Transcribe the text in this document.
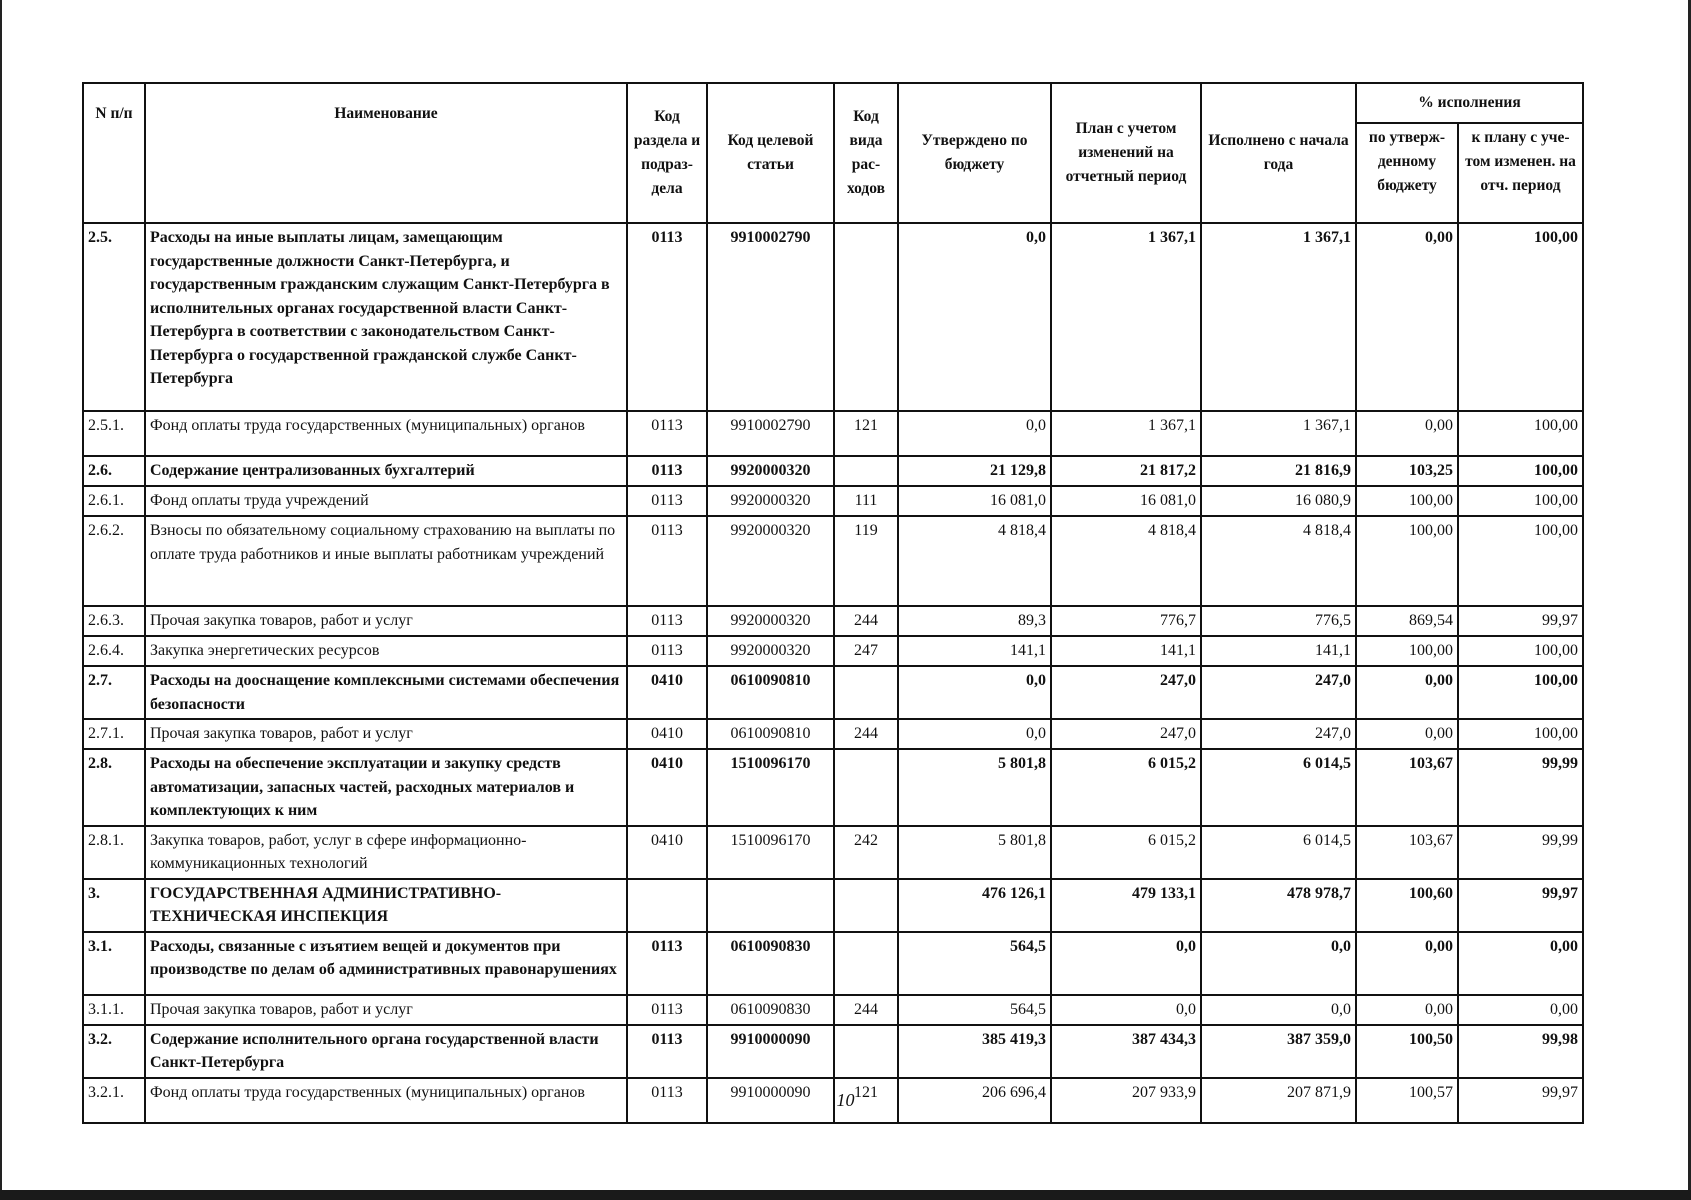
N п/п	Наименование	Код раздела и подраз-дела	Код целевой статьи	Код вида рас-ходов	Утверждено по бюджету	План с учетом изменений на отчетный период	Исполнено с начала года	% исполнения	
								по утверж-денному бюджету	к плану с уче-том изменен. на отч. период
2.5.	Расходы на иные выплаты лицам, замещающим государственные должности Санкт-Петербурга, и государственным гражданским служащим Санкт-Петербурга в исполнительных органах государственной власти Санкт-Петербурга в соответствии с законодательством Санкт-Петербурга о государственной гражданской службе Санкт-Петербурга	0113	9910002790		0,0	1 367,1	1 367,1	0,00	100,00
2.5.1.	Фонд оплаты труда государственных (муниципальных) органов	0113	9910002790	121	0,0	1 367,1	1 367,1	0,00	100,00
2.6.	Содержание централизованных бухгалтерий	0113	9920000320		21 129,8	21 817,2	21 816,9	103,25	100,00
2.6.1.	Фонд оплаты труда учреждений	0113	9920000320	111	16 081,0	16 081,0	16 080,9	100,00	100,00
2.6.2.	Взносы по обязательному социальному страхованию на выплаты по оплате труда работников и иные выплаты работникам учреждений	0113	9920000320	119	4 818,4	4 818,4	4 818,4	100,00	100,00
2.6.3.	Прочая закупка товаров, работ и услуг	0113	9920000320	244	89,3	776,7	776,5	869,54	99,97
2.6.4.	Закупка энергетических ресурсов	0113	9920000320	247	141,1	141,1	141,1	100,00	100,00
2.7.	Расходы на дооснащение комплексными системами обеспечения безопасности	0410	0610090810		0,0	247,0	247,0	0,00	100,00
2.7.1.	Прочая закупка товаров, работ и услуг	0410	0610090810	244	0,0	247,0	247,0	0,00	100,00
2.8.	Расходы на обеспечение эксплуатации и закупку средств автоматизации, запасных частей, расходных материалов и комплектующих к ним	0410	1510096170		5 801,8	6 015,2	6 014,5	103,67	99,99
2.8.1.	Закупка товаров, работ, услуг в сфере информационно-коммуникационных технологий	0410	1510096170	242	5 801,8	6 015,2	6 014,5	103,67	99,99
3.	ГОСУДАРСТВЕННАЯ АДМИНИСТРАТИВНО-ТЕХНИЧЕСКАЯ ИНСПЕКЦИЯ				476 126,1	479 133,1	478 978,7	100,60	99,97
3.1.	Расходы, связанные с изъятием вещей и документов при производстве по делам об административных правонарушениях	0113	0610090830		564,5	0,0	0,0	0,00	0,00
3.1.1.	Прочая закупка товаров, работ и услуг	0113	0610090830	244	564,5	0,0	0,0	0,00	0,00
3.2.	Содержание исполнительного органа государственной власти Санкт-Петербурга	0113	9910000090		385 419,3	387 434,3	387 359,0	100,50	99,98
3.2.1.	Фонд оплаты труда государственных (муниципальных) органов	0113	9910000090	121	206 696,4	207 933,9	207 871,9	100,57	99,97
10
